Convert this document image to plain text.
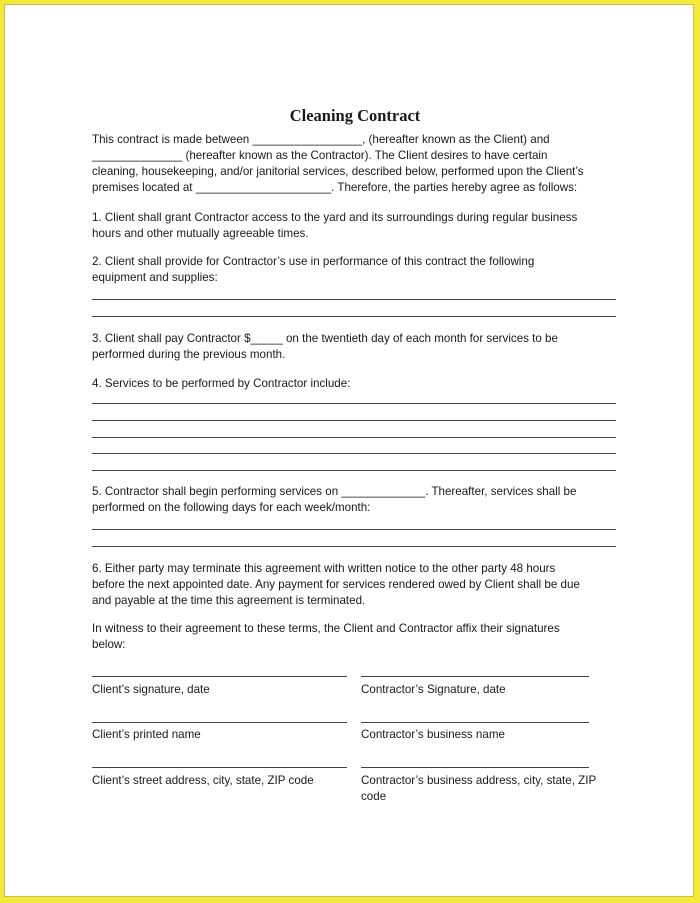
Cleaning Contract

This contract is made between _________________, (hereafter known as the Client) and

______________ (hereafter known as the Contractor). The Client desires to have certain

cleaning, housekeeping, and/or janitorial services, described below, performed upon the Client’s

premises located at _____________________. Therefore, the parties hereby agree as follows:

1. Client shall grant Contractor access to the yard and its surroundings during regular business

hours and other mutually agreeable times.

2. Client shall provide for Contractor’s use in performance of this contract the following

equipment and supplies:

3. Client shall pay Contractor $_____ on the twentieth day of each month for services to be

performed during the previous month.

4. Services to be performed by Contractor include:

5. Contractor shall begin performing services on _____________. Thereafter, services shall be

performed on the following days for each week/month:

6. Either party may terminate this agreement with written notice to the other party 48 hours

before the next appointed date. Any payment for services rendered owed by Client shall be due

and payable at the time this agreement is terminated.

In witness to their agreement to these terms, the Client and Contractor affix their signatures

below:

Client’s signature, date	Contractor’s Signature, date

Client’s printed name	Contractor’s business name

Client’s street address, city, state, ZIP code	Contractor’s business address, city, state, ZIP

code
